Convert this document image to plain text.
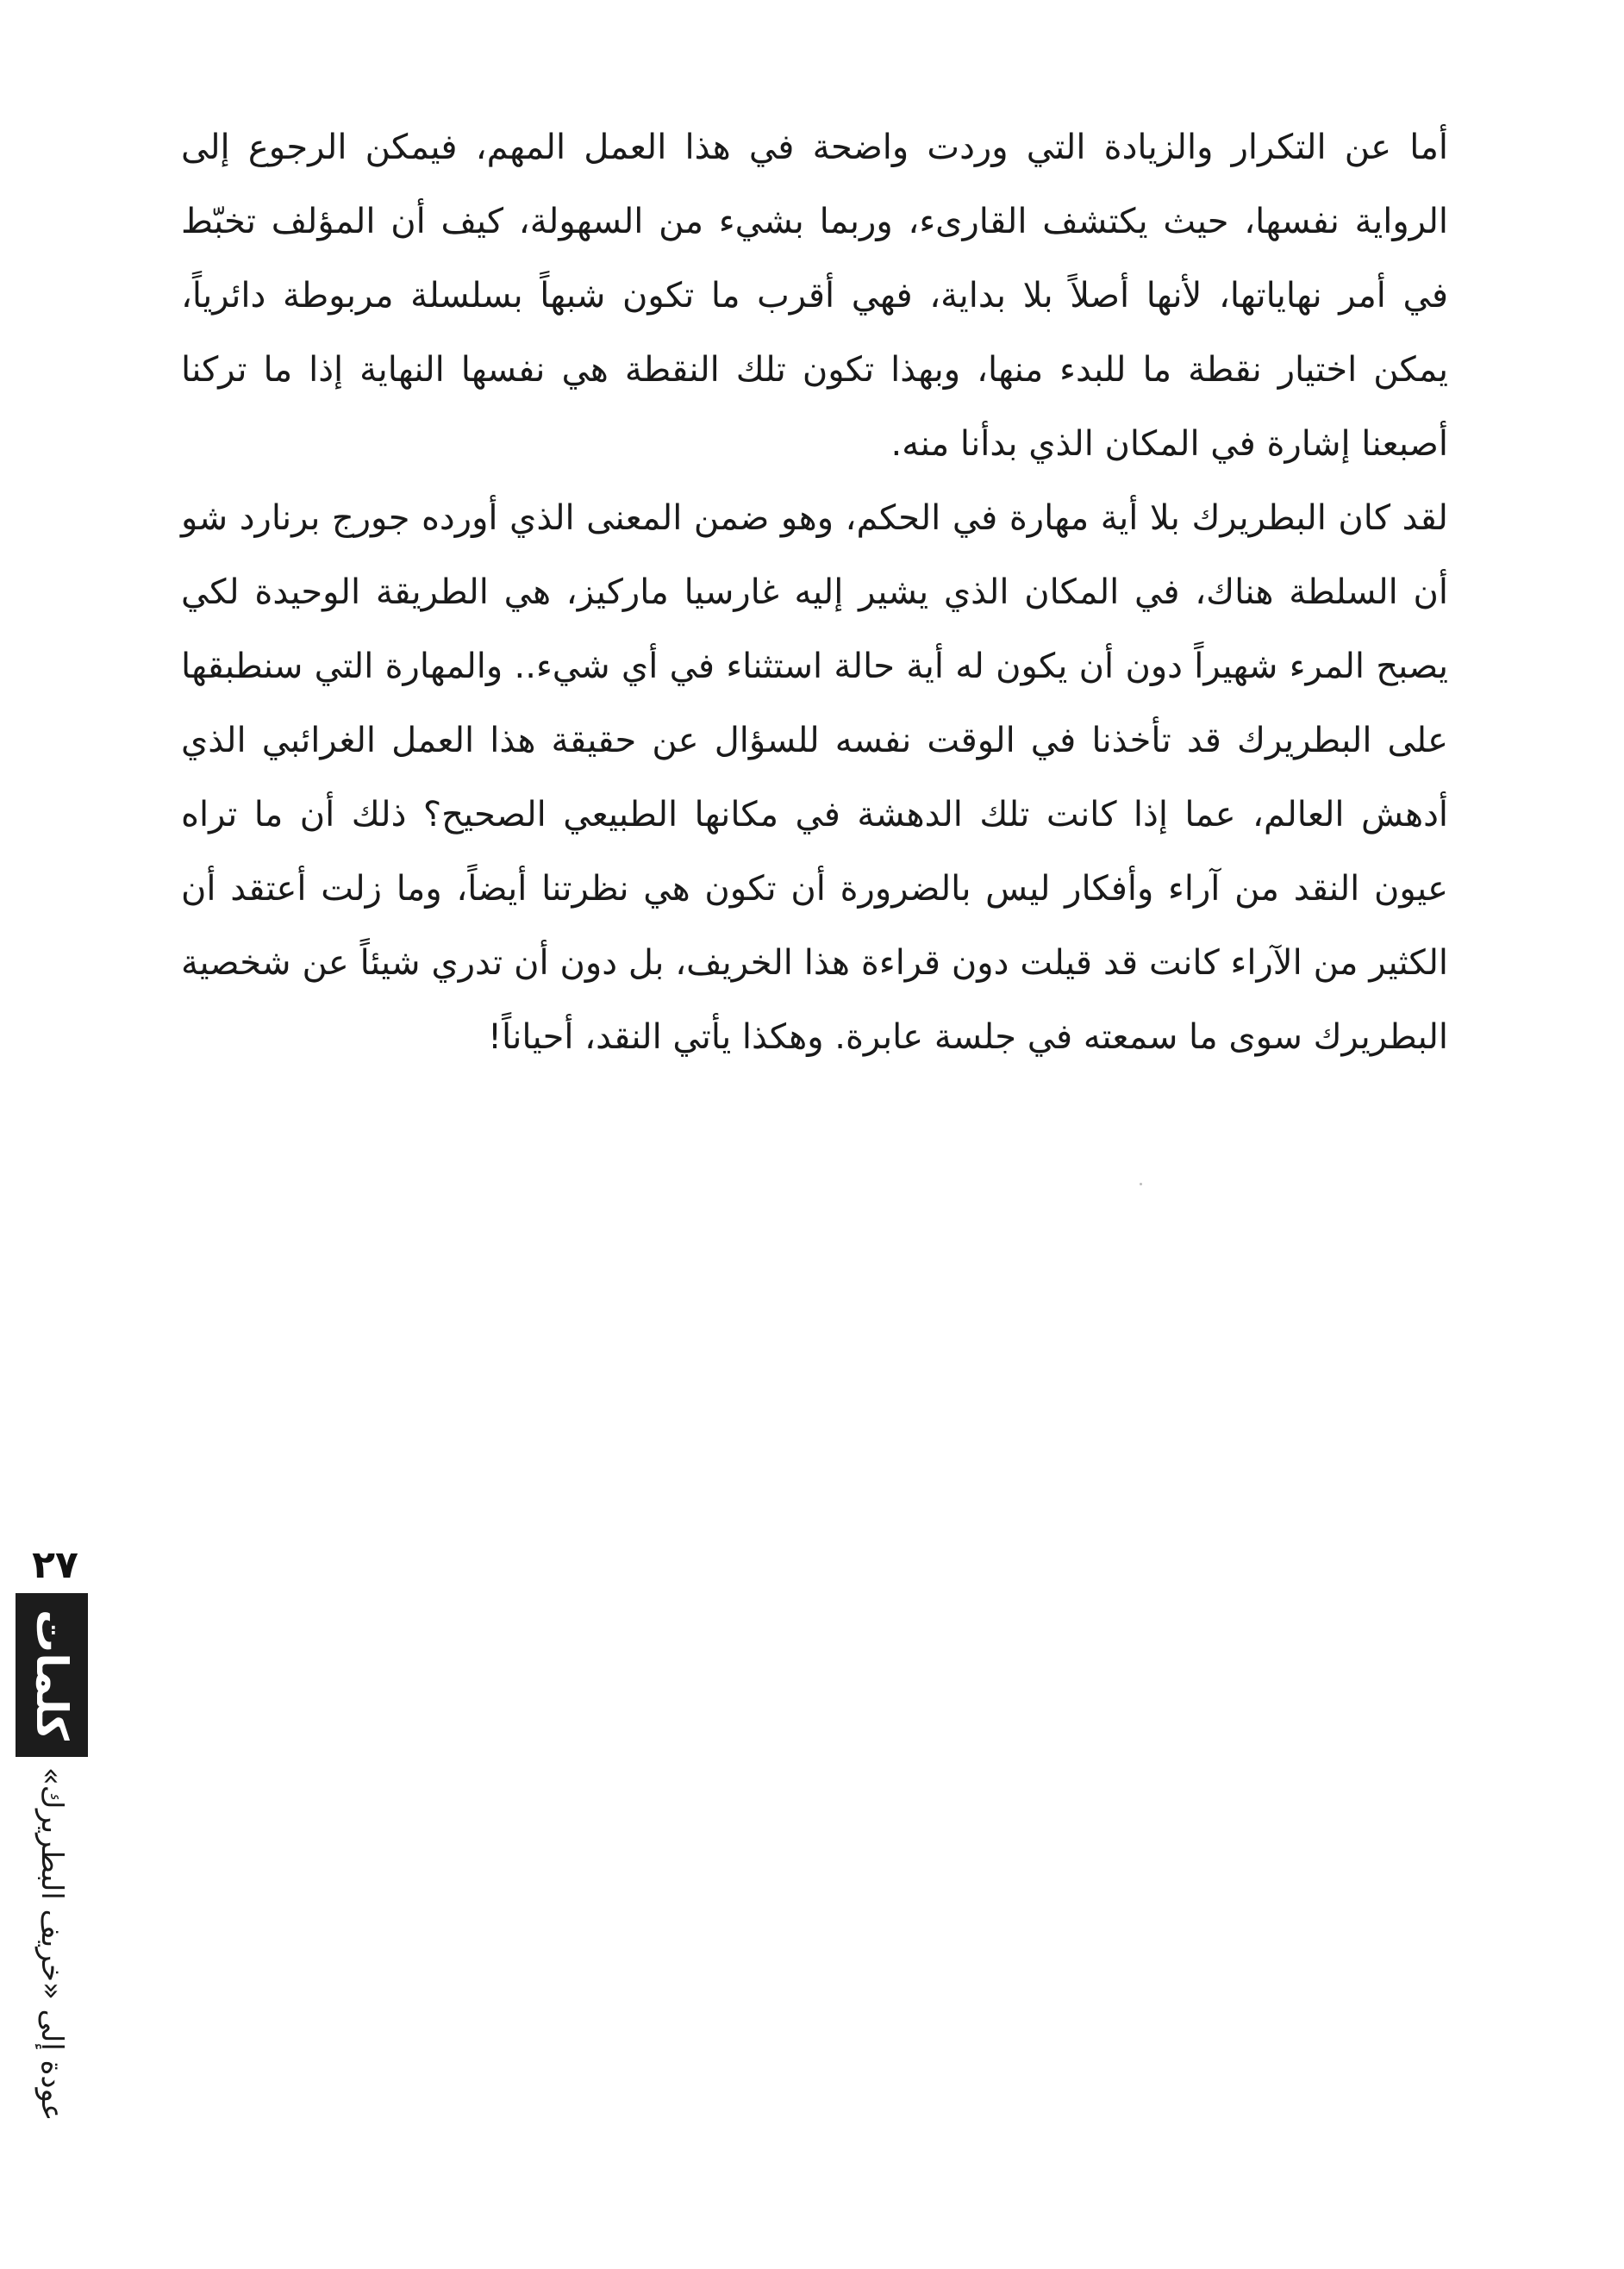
أما عن التكرار والزيادة التي وردت واضحة في هذا العمل المهم، فيمكن الرجوع إلى الرواية نفسها، حيث يكتشف القارىء، وربما بشيء من السهولة، كيف أن المؤلف تخبّط في أمر نهاياتها، لأنها أصلاً بلا بداية، فهي أقرب ما تكون شبهاً بسلسلة مربوطة دائرياً، يمكن اختيار نقطة ما للبدء منها، وبهذا تكون تلك النقطة هي نفسها النهاية إذا ما تركنا أصبعنا إشارة في المكان الذي بدأنا منه.

لقد كان البطريرك بلا أية مهارة في الحكم، وهو ضمن المعنى الذي أورده جورج برنارد شو أن السلطة هناك، في المكان الذي يشير إليه غارسيا ماركيز، هي الطريقة الوحيدة لكي يصبح المرء شهيراً دون أن يكون له أية حالة استثناء في أي شيء.. والمهارة التي سنطبقها على البطريرك قد تأخذنا في الوقت نفسه للسؤال عن حقيقة هذا العمل الغرائبي الذي أدهش العالم، عما إذا كانت تلك الدهشة في مكانها الطبيعي الصحيح؟ ذلك أن ما تراه عيون النقد من آراء وأفكار ليس بالضرورة أن تكون هي نظرتنا أيضاً، وما زلت أعتقد أن الكثير من الآراء كانت قد قيلت دون قراءة هذا الخريف، بل دون أن تدري شيئاً عن شخصية البطريرك سوى ما سمعته في جلسة عابرة. وهكذا يأتي النقد، أحياناً!

٢٧
كلمات
عودة إلى «خريف البطريرك»
